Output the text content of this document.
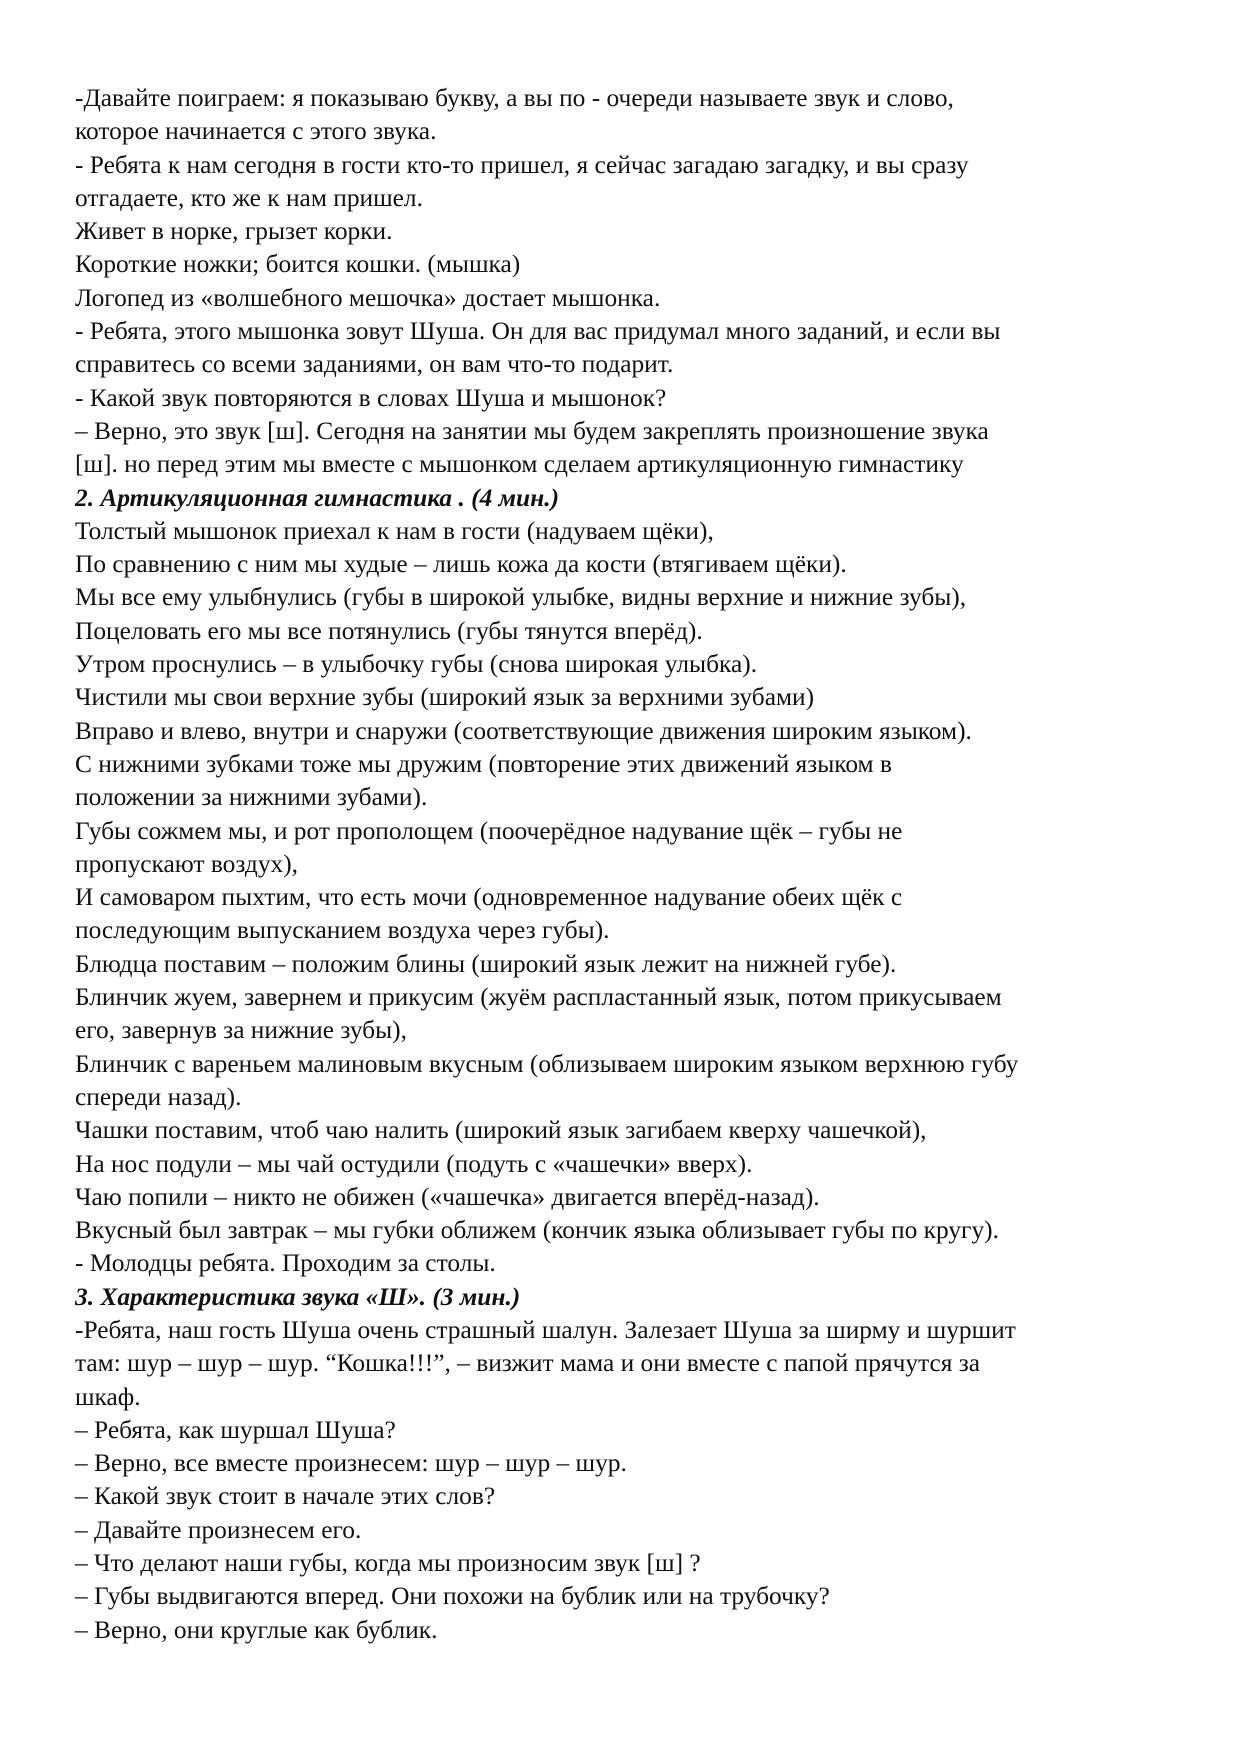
-Давайте поиграем: я показываю букву, а вы по - очереди называете звук и слово,

которое начинается с этого звука.

- Ребята к нам сегодня в гости кто-то пришел, я сейчас загадаю загадку, и вы сразу

отгадаете, кто же к нам пришел.

Живет в норке, грызет корки.

Короткие ножки; боится кошки. (мышка)

Логопед из «волшебного мешочка» достает мышонка.

- Ребята, этого мышонка зовут Шуша. Он для вас придумал много заданий, и если вы

справитесь со всеми заданиями, он вам что-то подарит.

- Какой звук повторяются в словах Шуша и мышонок?

– Верно, это звук [ш]. Сегодня на занятии мы будем закреплять произношение звука

[ш]. но перед этим мы вместе с мышонком сделаем артикуляционную гимнастику

2. Артикуляционная гимнастика . (4 мин.)

Толстый мышонок приехал к нам в гости (надуваем щёки),

По сравнению с ним мы худые – лишь кожа да кости (втягиваем щёки).

Мы все ему улыбнулись (губы в широкой улыбке, видны верхние и нижние зубы),

Поцеловать его мы все потянулись (губы тянутся вперёд).

Утром проснулись – в улыбочку губы (снова широкая улыбка).

Чистили мы свои верхние зубы (широкий язык за верхними зубами)

Вправо и влево, внутри и снаружи (соответствующие движения широким языком).

С нижними зубками тоже мы дружим (повторение этих движений языком в

положении за нижними зубами).

Губы сожмем мы, и рот прополощем (поочерёдное надувание щёк – губы не

пропускают воздух),

И самоваром пыхтим, что есть мочи (одновременное надувание обеих щёк с

последующим выпусканием воздуха через губы).

Блюдца поставим – положим блины (широкий язык лежит на нижней губе).

Блинчик жуем, завернем и прикусим (жуём распластанный язык, потом прикусываем

его, завернув за нижние зубы),

Блинчик с вареньем малиновым вкусным (облизываем широким языком верхнюю губу

спереди назад).

Чашки поставим, чтоб чаю налить (широкий язык загибаем кверху чашечкой),

На нос подули – мы чай остудили (подуть с «чашечки» вверх).

Чаю попили – никто не обижен («чашечка» двигается вперёд-назад).

Вкусный был завтрак – мы губки оближем (кончик языка облизывает губы по кругу).

- Молодцы ребята. Проходим за столы.

3. Характеристика звука «Ш». (3 мин.)

-Ребята, наш гость Шуша очень страшный шалун. Залезает Шуша за ширму и шуршит

там: шур – шур – шур. “Кошка!!!”, – визжит мама и они вместе с папой прячутся за

шкаф.

– Ребята, как шуршал Шуша?

– Верно, все вместе произнесем: шур – шур – шур.

– Какой звук стоит в начале этих слов?

– Давайте произнесем его.

– Что делают наши губы, когда мы произносим звук [ш] ?

– Губы выдвигаются вперед. Они похожи на бублик или на трубочку?

– Верно, они круглые как бублик.
